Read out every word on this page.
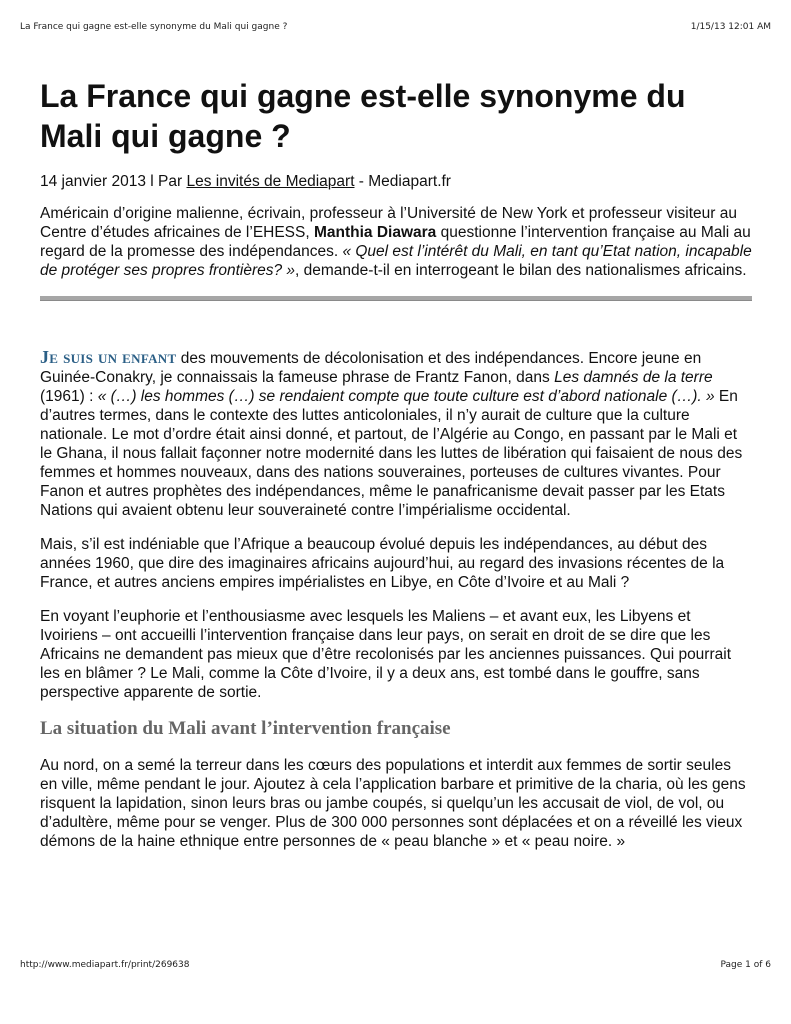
La France qui gagne est-elle synonyme du Mali qui gagne ?	1/15/13 12:01 AM
La France qui gagne est-elle synonyme du Mali qui gagne ?
14 janvier 2013 l Par Les invités de Mediapart - Mediapart.fr

Américain d’origine malienne, écrivain, professeur à l’Université de New York et professeur visiteur au Centre d’études africaines de l’EHESS, Manthia Diawara questionne l’intervention française au Mali au regard de la promesse des indépendances. « Quel est l’intérêt du Mali, en tant qu’Etat nation, incapable de protéger ses propres frontières? », demande-t-il en interrogeant le bilan des nationalismes africains.

Je suis un enfant des mouvements de décolonisation et des indépendances. Encore jeune en Guinée-Conakry, je connaissais la fameuse phrase de Frantz Fanon, dans Les damnés de la terre (1961) : « (…) les hommes (…) se rendaient compte que toute culture est d’abord nationale (…). » En d’autres termes, dans le contexte des luttes anticoloniales, il n’y aurait de culture que la culture nationale. Le mot d’ordre était ainsi donné, et partout, de l’Algérie au Congo, en passant par le Mali et le Ghana, il nous fallait façonner notre modernité dans les luttes de libération qui faisaient de nous des femmes et hommes nouveaux, dans des nations souveraines, porteuses de cultures vivantes. Pour Fanon et autres prophètes des indépendances, même le panafricanisme devait passer par les Etats Nations qui avaient obtenu leur souveraineté contre l’impérialisme occidental.

Mais, s’il est indéniable que l’Afrique a beaucoup évolué depuis les indépendances, au début des années 1960, que dire des imaginaires africains aujourd’hui, au regard des invasions récentes de la France, et autres anciens empires impérialistes en Libye, en Côte d’Ivoire et au Mali ?

En voyant l’euphorie et l’enthousiasme avec lesquels les Maliens – et avant eux, les Libyens et Ivoiriens – ont accueilli l’intervention française dans leur pays, on serait en droit de se dire que les Africains ne demandent pas mieux que d’être recolonisés par les anciennes puissances. Qui pourrait les en blâmer ? Le Mali, comme la Côte d’Ivoire, il y a deux ans, est tombé dans le gouffre, sans perspective apparente de sortie.

La situation du Mali avant l’intervention française

Au nord, on a semé la terreur dans les cœurs des populations et interdit aux femmes de sortir seules en ville, même pendant le jour. Ajoutez à cela l’application barbare et primitive de la charia, où les gens risquent la lapidation, sinon leurs bras ou jambe coupés, si quelqu’un les accusait de viol, de vol, ou d’adultère, même pour se venger. Plus de 300 000 personnes sont déplacées et on a réveillé les vieux démons de la haine ethnique entre personnes de « peau blanche » et « peau noire. »

http://www.mediapart.fr/print/269638	Page 1 of 6
